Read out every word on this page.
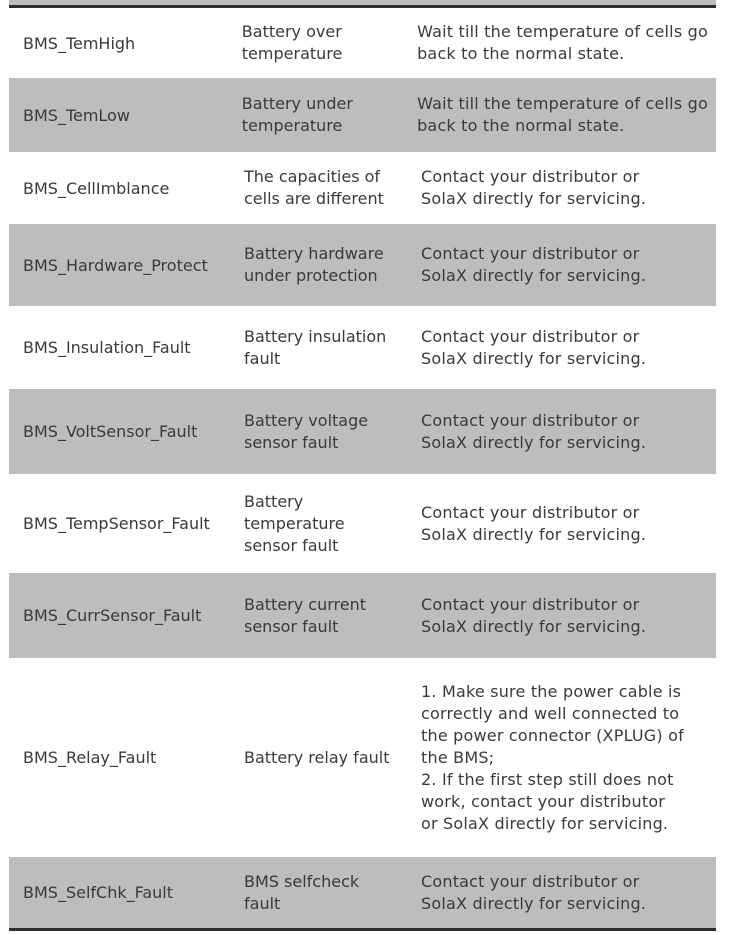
BMS_TemHigh
Battery over
temperature
Wait till the temperature of cells go
back to the normal state.
BMS_TemLow
Battery under
temperature
Wait till the temperature of cells go
back to the normal state.
BMS_CellImblance
The capacities of
cells are different
Contact your distributor or
SolaX directly for servicing.
BMS_Hardware_Protect
Battery hardware
under protection
Contact your distributor or
SolaX directly for servicing.
BMS_Insulation_Fault
Battery insulation
fault
Contact your distributor or
SolaX directly for servicing.
BMS_VoltSensor_Fault
Battery voltage
sensor fault
Contact your distributor or
SolaX directly for servicing.
BMS_TempSensor_Fault
Battery
temperature
sensor fault
Contact your distributor or
SolaX directly for servicing.
BMS_CurrSensor_Fault
Battery current
sensor fault
Contact your distributor or
SolaX directly for servicing.
BMS_Relay_Fault	Battery relay fault
1. Make sure the power cable is
correctly and well connected to
the power connector (XPLUG) of
the BMS;
2. If the first step still does not
work, contact your distributor
or SolaX directly for servicing.
BMS_SelfChk_Fault
BMS selfcheck
fault
Contact your distributor or
SolaX directly for servicing.
